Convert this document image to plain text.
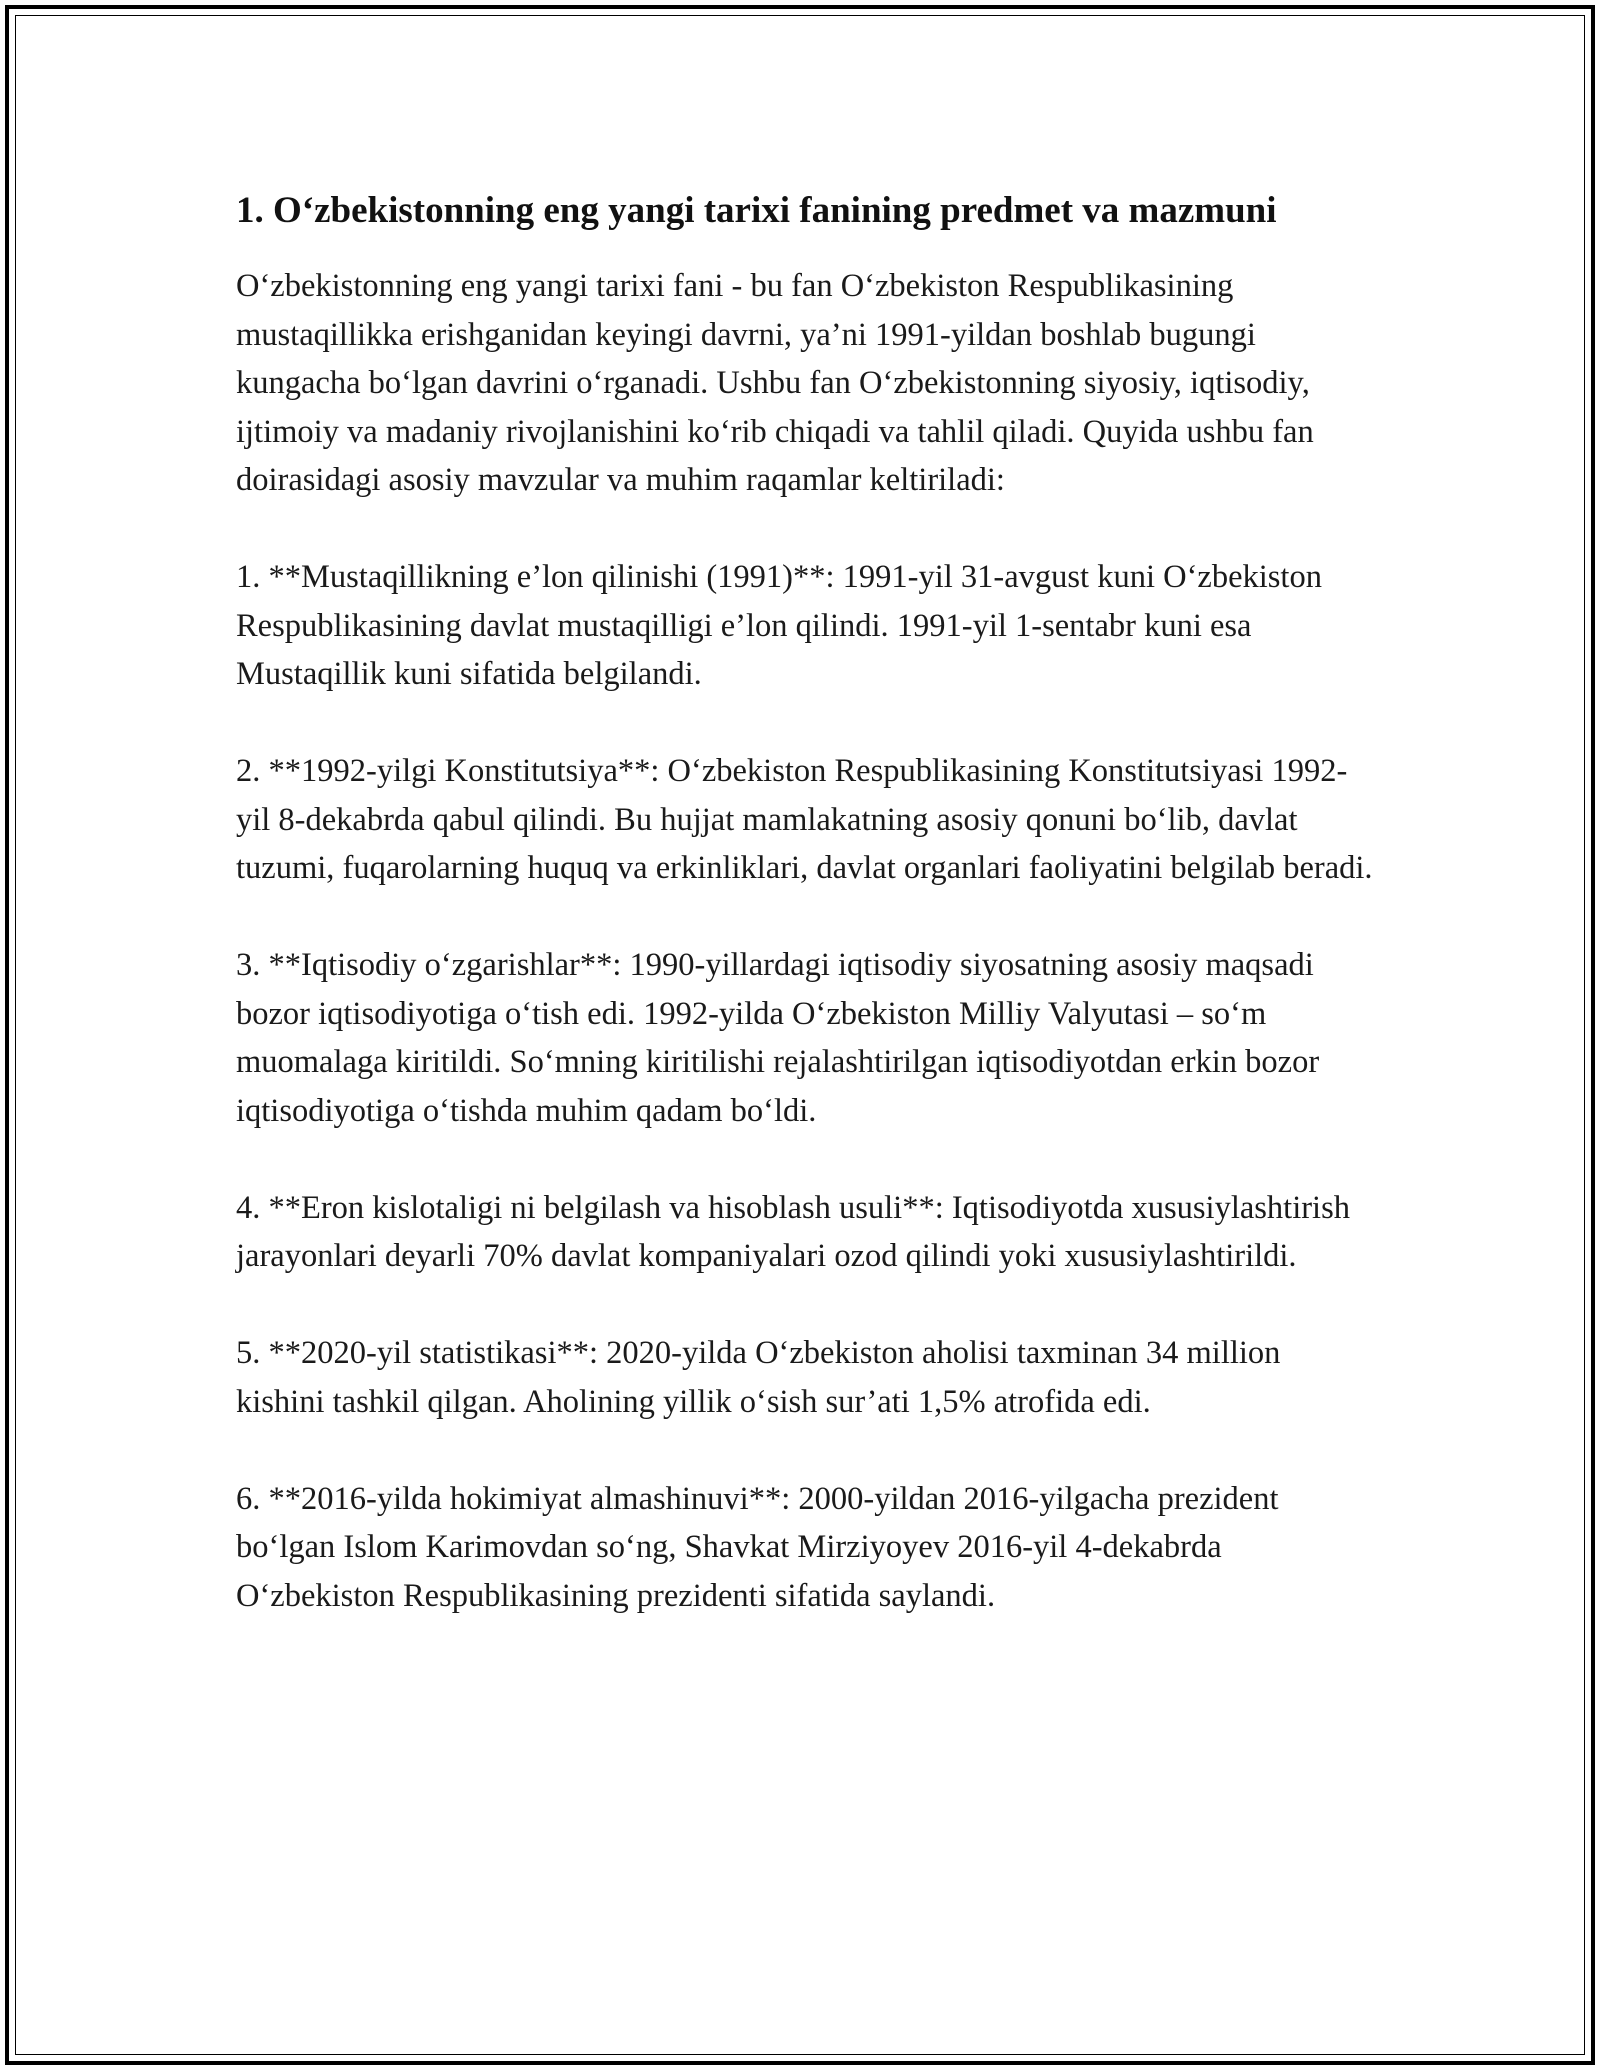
1. O‘zbekistonning eng yangi tarixi fanining predmet va mazmuni

O‘zbekistonning eng yangi tarixi fani - bu fan O‘zbekiston Respublikasining mustaqillikka erishganidan keyingi davrni, ya’ni 1991-yildan boshlab bugungi kungacha bo‘lgan davrini o‘rganadi. Ushbu fan O‘zbekistonning siyosiy, iqtisodiy, ijtimoiy va madaniy rivojlanishini ko‘rib chiqadi va tahlil qiladi. Quyida ushbu fan doirasidagi asosiy mavzular va muhim raqamlar keltiriladi:

1. **Mustaqillikning e’lon qilinishi (1991)**: 1991-yil 31-avgust kuni O‘zbekiston Respublikasining davlat mustaqilligi e’lon qilindi. 1991-yil 1-sentabr kuni esa Mustaqillik kuni sifatida belgilandi.

2. **1992-yilgi Konstitutsiya**: O‘zbekiston Respublikasining Konstitutsiyasi 1992-yil 8-dekabrda qabul qilindi. Bu hujjat mamlakatning asosiy qonuni bo‘lib, davlat tuzumi, fuqarolarning huquq va erkinliklari, davlat organlari faoliyatini belgilab beradi.

3. **Iqtisodiy o‘zgarishlar**: 1990-yillardagi iqtisodiy siyosatning asosiy maqsadi bozor iqtisodiyotiga o‘tish edi. 1992-yilda O‘zbekiston Milliy Valyutasi – so‘m muomalaga kiritildi. So‘mning kiritilishi rejalashtirilgan iqtisodiyotdan erkin bozor iqtisodiyotiga o‘tishda muhim qadam bo‘ldi.

4. **Eron kislotaligi ni belgilash va hisoblash usuli**: Iqtisodiyotda xususiylashtirish jarayonlari deyarli 70% davlat kompaniyalari ozod qilindi yoki xususiylashtirildi.

5. **2020-yil statistikasi**: 2020-yilda O‘zbekiston aholisi taxminan 34 million kishini tashkil qilgan. Aholining yillik o‘sish sur’ati 1,5% atrofida edi.

6. **2016-yilda hokimiyat almashinuvi**: 2000-yildan 2016-yilgacha prezident bo‘lgan Islom Karimovdan so‘ng, Shavkat Mirziyoyev 2016-yil 4-dekabrda O‘zbekiston Respublikasining prezidenti sifatida saylandi.
